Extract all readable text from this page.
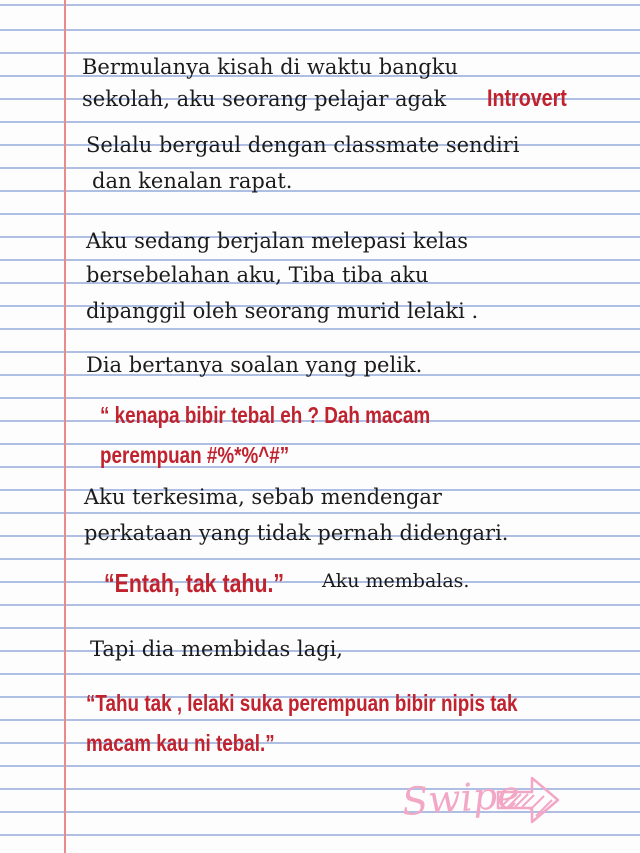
Bermulanya kisah di waktu bangku

sekolah, aku seorang pelajar agak Introvert

Selalu bergaul dengan classmate sendiri

dan kenalan rapat.

Aku sedang berjalan melepasi kelas

bersebelahan aku, Tiba tiba aku

dipanggil oleh seorang murid lelaki .

Dia bertanya soalan yang pelik.

“ kenapa bibir tebal eh ? Dah macam

perempuan #%*%^#”

Aku terkesima, sebab mendengar

perkataan yang tidak pernah didengari.

“Entah, tak tahu.” Aku membalas.

Tapi dia membidas lagi,

“Tahu tak , lelaki suka perempuan bibir nipis tak

macam kau ni tebal.”

Swipe
